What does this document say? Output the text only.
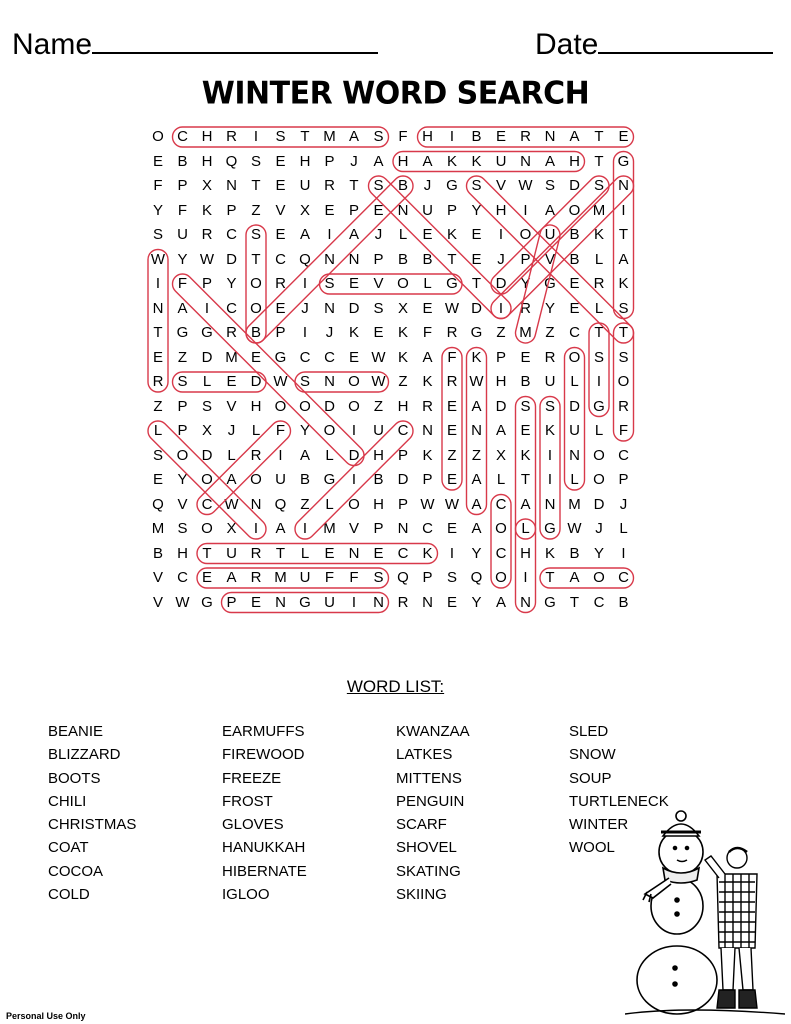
Name	Date
WINTER WORD SEARCH
O C H R	I	S T M A S F H	I	B E R N A T E
E B H Q S E H P	J	A H A K K U N A H T G
F P X N T E U R T S B	J G S V W S D S N
Y F K P Z V X E P E N U P Y H	I	A O M	I
S U R C S E A	I	A	J	L	E K E	I	O U B K T
W Y W D T C Q N N P B B T E	J	P V B	L	A
I	F P Y O R	I	S E V O L G T D Y G E R K
N A	I	C O E	J	N D S X E W D	I	R Y E	L	S
T G G R B P	I	J	K E K F R G Z M Z C T	T
E Z D M E G C C E W K A F K P E R O S S
R S	L	E D W S N O W Z K R W H B U L	I	O
Z P S V H O O D O Z H R E A D S S D G R
L	P X	J	L	F Y O	I	U C N E N A E K U L	F
S O D L R	I	A	L D H P K Z	Z X K	I	N O C
E Y O A O U B G	I	B D P E A	L	T	I	L O P
Q V C W N Q Z	L O H P W W A C A N M D	J
M S O X	I	A	I	M V P N C E A O L G W J	L
B H T U R T	L	E N E C K	I	Y C H K B Y	I
V C E A R M U F	F S Q P S Q O	I	T A O C
V W G P E N G U	I	N R N E Y A N G T C B
WORD LIST:
BEANIE
BLIZZARD
BOOTS
CHILI
CHRISTMAS
COAT
COCOA
COLD
EARMUFFS
FIREWOOD
FREEZE
FROST
GLOVES
HANUKKAH
HIBERNATE
IGLOO
KWANZAA
LATKES
MITTENS
PENGUIN
SCARF
SHOVEL
SKATING
SKIING
SLED
SNOW
SOUP
TURTLENECK
WINTER
WOOL
Personal Use Only
